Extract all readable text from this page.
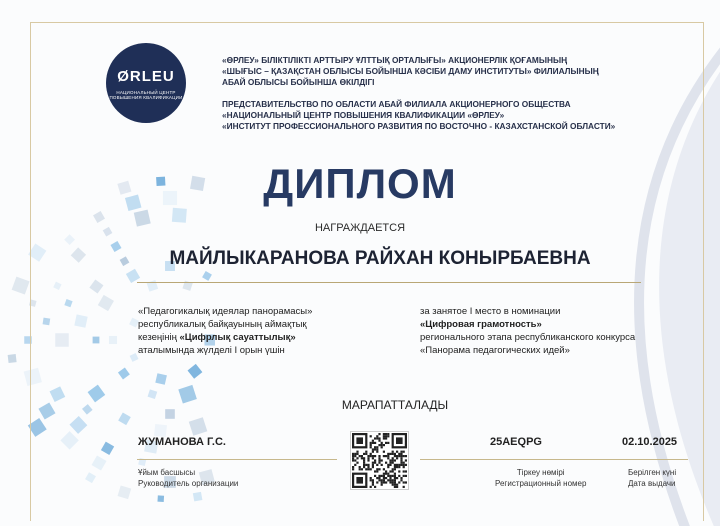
ØRLEU
НАЦИОНАЛЬНЫЙ ЦЕНТР ПОВЫШЕНИЯ КВАЛИФИКАЦИИ
«ӨРЛЕУ» БІЛІКТІЛІКТІ АРТТЫРУ ҰЛТТЫҚ ОРТАЛЫҒЫ» АКЦИОНЕРЛІК ҚОҒАМЫНЫҢ
«ШЫҒЫС – ҚАЗАҚСТАН ОБЛЫСЫ БОЙЫНША КӘСІБИ ДАМУ ИНСТИТУТЫ» ФИЛИАЛЫНЫҢ
АБАЙ ОБЛЫСЫ БОЙЫНША ӨКІЛДІГІ
ПРЕДСТАВИТЕЛЬСТВО ПО ОБЛАСТИ АБАЙ ФИЛИАЛА АКЦИОНЕРНОГО ОБЩЕСТВА
«НАЦИОНАЛЬНЫЙ ЦЕНТР ПОВЫШЕНИЯ КВАЛИФИКАЦИИ «ӨРЛЕУ»
«ИНСТИТУТ ПРОФЕССИОНАЛЬНОГО РАЗВИТИЯ ПО ВОСТОЧНО - КАЗАХСТАНСКОЙ ОБЛАСТИ»
ДИПЛОМ
НАГРАЖДАЕТСЯ
МАЙЛЫКАРАНОВА РАЙХАН КОНЫРБАЕВНА
«Педагогикалық идеялар панорамасы»
республикалық байқауының аймақтық
кезеңінің «Цифрлық сауаттылық»
аталымында жүлделі І орын үшін
за занятое І место в номинации
«Цифровая грамотность»
регионального этапа республиканского конкурса
«Панорама педагогических идей»
МАРАПАТТАЛАДЫ
ЖУМАНОВА Г.С.	25AEQPG	02.10.2025
Ұйым басшысы
Руководитель организации
Тіркеу нөмірі
Регистрационный номер
Берілген күні
Дата выдачи
